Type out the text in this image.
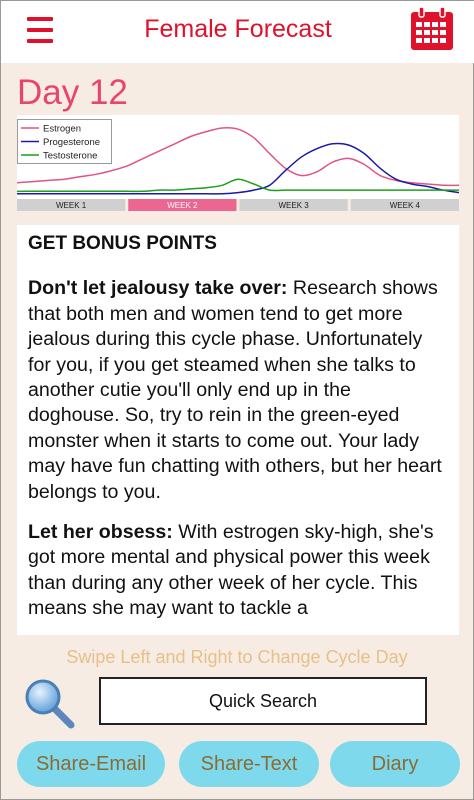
Female Forecast
Day 12
Estrogen
Progesterone
Testosterone
WEEK 1	WEEK 2	WEEK 3	WEEK 4
GET BONUS POINTS

Don't let jealousy take over: Research shows that both men and women tend to get more jealous during this cycle phase. Unfortunately for you, if you get steamed when she talks to another cutie you'll only end up in the doghouse. So, try to rein in the green-eyed monster when it starts to come out. Your lady may have fun chatting with others, but her heart belongs to you.

Let her obsess: With estrogen sky-high, she's got more mental and physical power this week than during any other week of her cycle. This means she may want to tackle a

Swipe Left and Right to Change Cycle Day
Quick Search
Share-Email	Share-Text	Diary
